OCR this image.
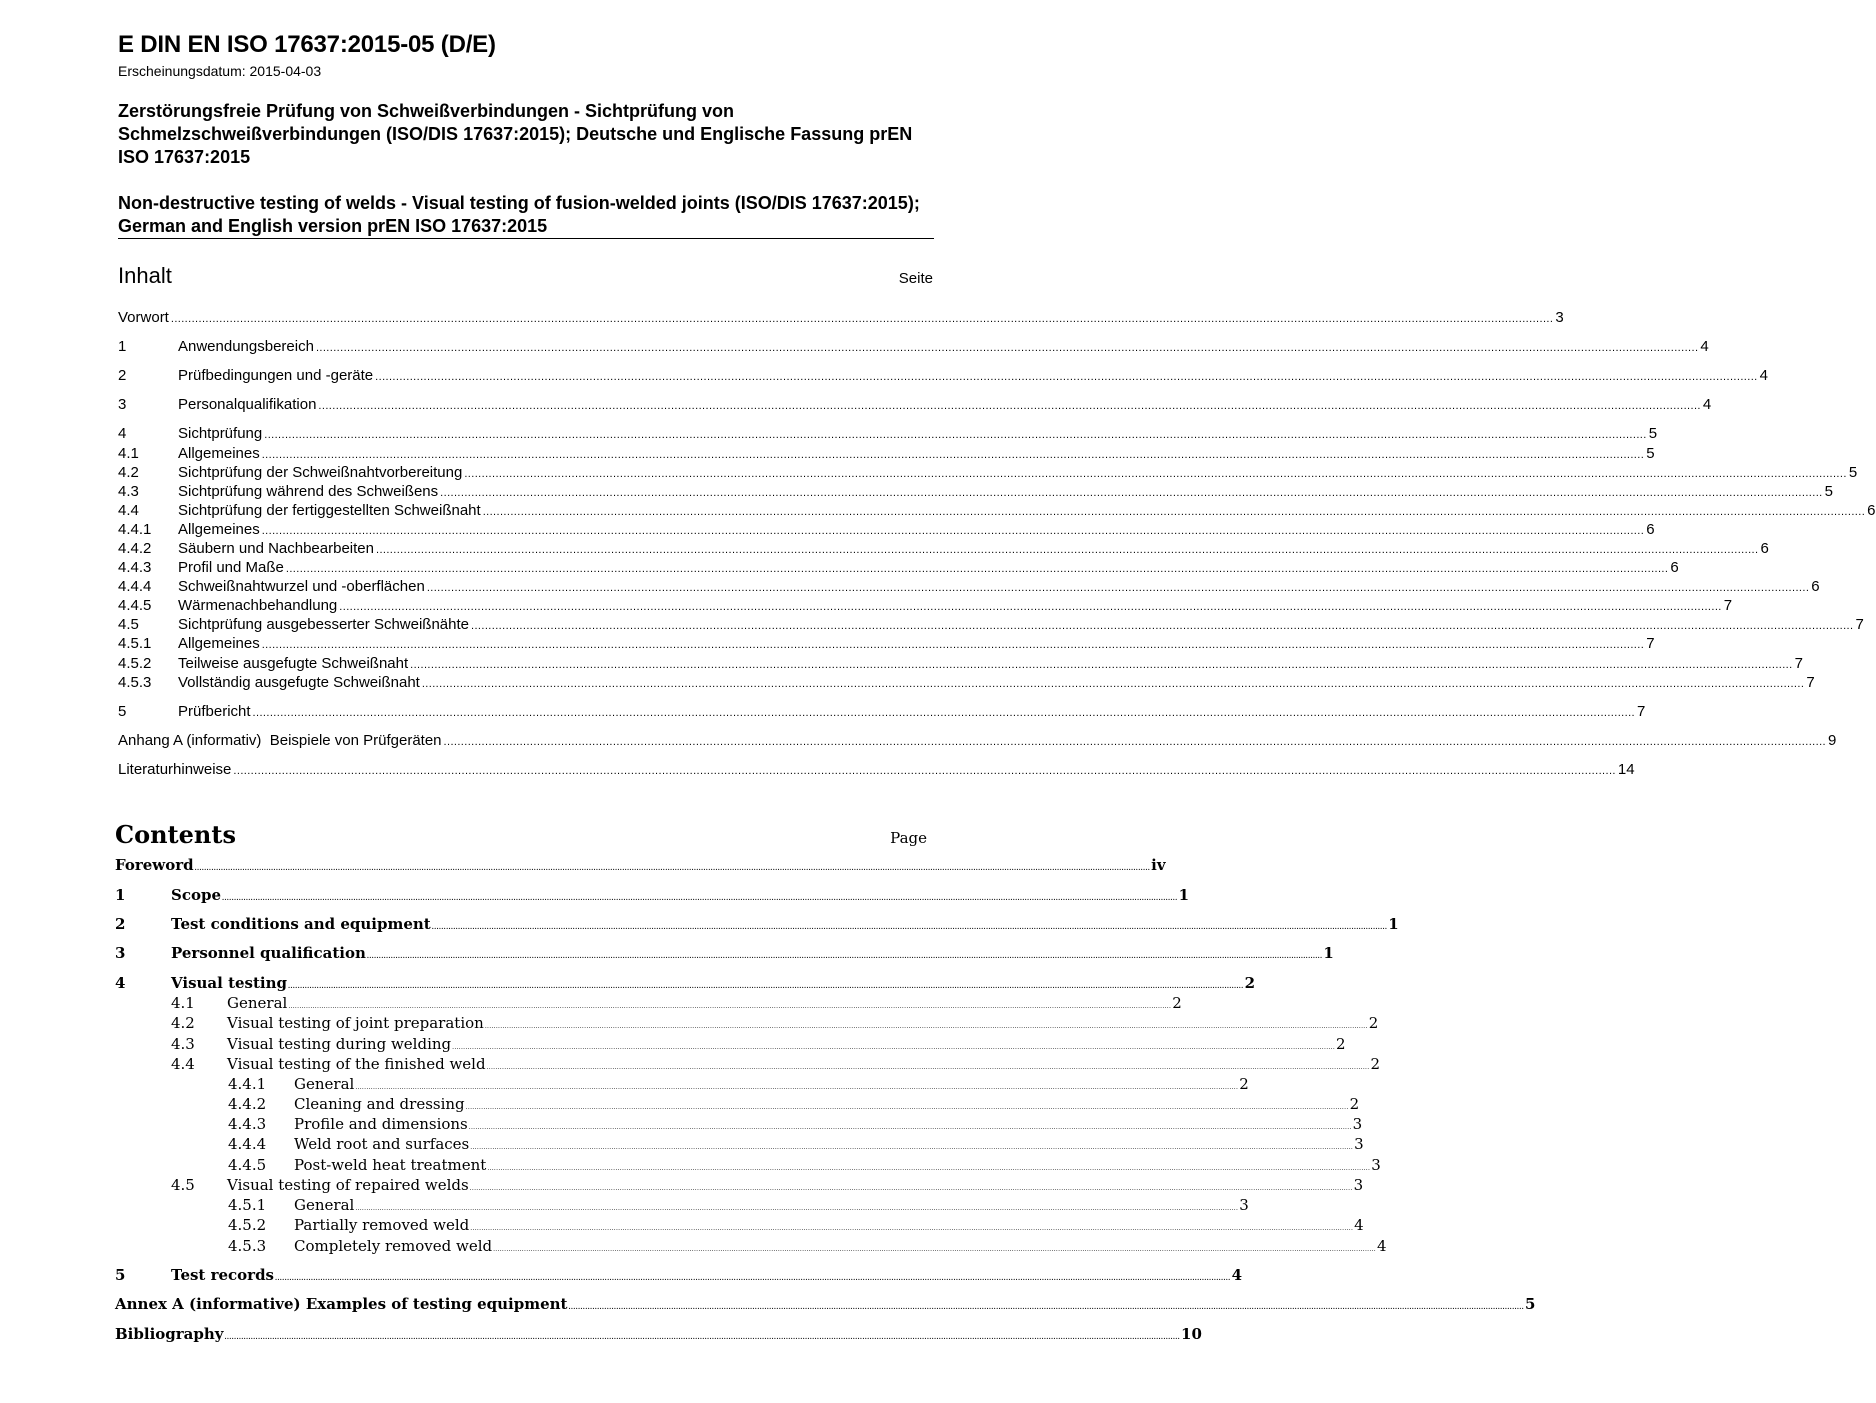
E DIN EN ISO 17637:2015-05 (D/E)
Erscheinungsdatum: 2015-04-03
Zerstörungsfreie Prüfung von Schweißverbindungen - Sichtprüfung von Schmelzschweißverbindungen (ISO/DIS 17637:2015); Deutsche und Englische Fassung prEN ISO 17637:2015
Non-destructive testing of welds - Visual testing of fusion-welded joints (ISO/DIS 17637:2015); German and English version prEN ISO 17637:2015
Inhalt	Seite
Vorwort ................................................................................................................................................................................................................................................................................................................................................................................................................ 3
1	Anwendungsbereich ................................................................................................................................................................................................................................................................................................................................................................................................................ 4
2	Prüfbedingungen und -geräte ................................................................................................................................................................................................................................................................................................................................................................................................................ 4
3	Personalqualifikation ................................................................................................................................................................................................................................................................................................................................................................................................................ 4
4	Sichtprüfung ................................................................................................................................................................................................................................................................................................................................................................................................................ 5
4.1	Allgemeines ................................................................................................................................................................................................................................................................................................................................................................................................................ 5
4.2	Sichtprüfung der Schweißnahtvorbereitung ................................................................................................................................................................................................................................................................................................................................................................................................................ 5
4.3	Sichtprüfung während des Schweißens ................................................................................................................................................................................................................................................................................................................................................................................................................ 5
4.4	Sichtprüfung der fertiggestellten Schweißnaht ................................................................................................................................................................................................................................................................................................................................................................................................................ 6
4.4.1	Allgemeines ................................................................................................................................................................................................................................................................................................................................................................................................................ 6
4.4.2	Säubern und Nachbearbeiten ................................................................................................................................................................................................................................................................................................................................................................................................................ 6
4.4.3	Profil und Maße ................................................................................................................................................................................................................................................................................................................................................................................................................ 6
4.4.4	Schweißnahtwurzel und -oberflächen ................................................................................................................................................................................................................................................................................................................................................................................................................ 6
4.4.5	Wärmenachbehandlung ................................................................................................................................................................................................................................................................................................................................................................................................................ 7
4.5	Sichtprüfung ausgebesserter Schweißnähte ................................................................................................................................................................................................................................................................................................................................................................................................................ 7
4.5.1	Allgemeines ................................................................................................................................................................................................................................................................................................................................................................................................................ 7
4.5.2	Teilweise ausgefugte Schweißnaht ................................................................................................................................................................................................................................................................................................................................................................................................................ 7
4.5.3	Vollständig ausgefugte Schweißnaht ................................................................................................................................................................................................................................................................................................................................................................................................................ 7
5	Prüfbericht ................................................................................................................................................................................................................................................................................................................................................................................................................ 7
Anhang A (informativ)  Beispiele von Prüfgeräten ................................................................................................................................................................................................................................................................................................................................................................................................................ 9
Literaturhinweise ................................................................................................................................................................................................................................................................................................................................................................................................................ 14
Contents	Page
Foreword ................................................................................................................................................................................................................................................................................................................................................................................................................ iv
1	Scope ................................................................................................................................................................................................................................................................................................................................................................................................................ 1
2	Test conditions and equipment ................................................................................................................................................................................................................................................................................................................................................................................................................ 1
3	Personnel qualification ................................................................................................................................................................................................................................................................................................................................................................................................................ 1
4	Visual testing ................................................................................................................................................................................................................................................................................................................................................................................................................ 2
4.1	General ................................................................................................................................................................................................................................................................................................................................................................................................................ 2
4.2	Visual testing of joint preparation ................................................................................................................................................................................................................................................................................................................................................................................................................ 2
4.3	Visual testing during welding ................................................................................................................................................................................................................................................................................................................................................................................................................ 2
4.4	Visual testing of the finished weld ................................................................................................................................................................................................................................................................................................................................................................................................................ 2
4.4.1	General ................................................................................................................................................................................................................................................................................................................................................................................................................ 2
4.4.2	Cleaning and dressing ................................................................................................................................................................................................................................................................................................................................................................................................................ 2
4.4.3	Profile and dimensions ................................................................................................................................................................................................................................................................................................................................................................................................................ 3
4.4.4	Weld root and surfaces ................................................................................................................................................................................................................................................................................................................................................................................................................ 3
4.4.5	Post-weld heat treatment ................................................................................................................................................................................................................................................................................................................................................................................................................ 3
4.5	Visual testing of repaired welds ................................................................................................................................................................................................................................................................................................................................................................................................................ 3
4.5.1	General ................................................................................................................................................................................................................................................................................................................................................................................................................ 3
4.5.2	Partially removed weld ................................................................................................................................................................................................................................................................................................................................................................................................................ 4
4.5.3	Completely removed weld ................................................................................................................................................................................................................................................................................................................................................................................................................ 4
5	Test records ................................................................................................................................................................................................................................................................................................................................................................................................................ 4
Annex A (informative) Examples of testing equipment ................................................................................................................................................................................................................................................................................................................................................................................................................ 5
Bibliography ................................................................................................................................................................................................................................................................................................................................................................................................................ 10
